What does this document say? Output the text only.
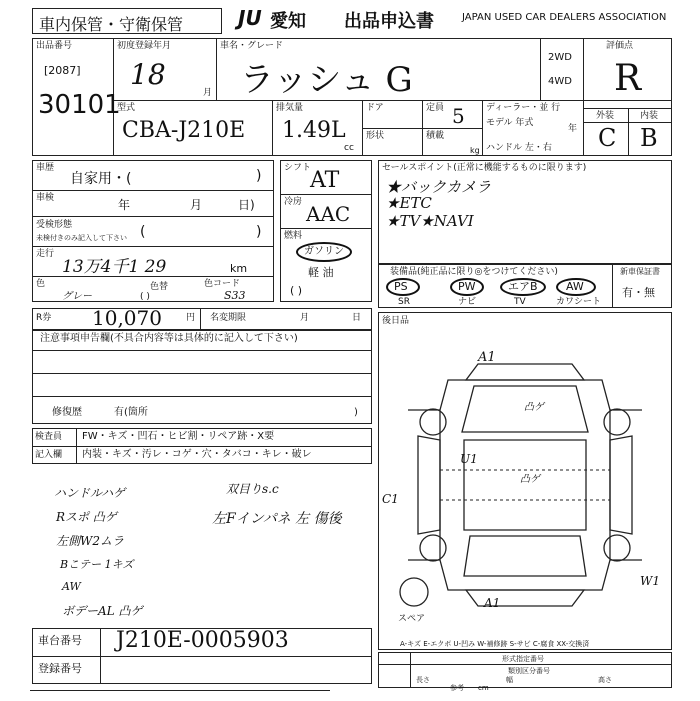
車内保管・守衛保管	JU 愛知 出品申込書	JAPAN USED CAR DEALERS ASSOCIATION
出品番号
[2087]
30101
初度登録年月
18
月
車名・グレード
ラッシュ G
2WD
4WD
評価点
R
外装	内装
C B
型式
CBA-J210E
排気量
1.49L
cc
ドア	定員 5
形状	積載
kg
ディーラー・並 行
モデル 年式
年
ハンドル 左・右
車歴
自家用・(	)
車検	年	月	日)
受検形態
未検付きのみ記入して下さい (	)
走行
13万4千1 29	km
色
グレー
色替
( )
色コード
S33
シフト
AT
冷房 AAC
燃料
ガソリン
軽 油
( )
セールスポイント(正常に機能するものに限ります)
★バックカメラ
★ETC
★TV★NAVI
装備品(純正品に限り◎をつけてください)
PS	PW	エアB	AW
SR	ナビ	TV	カワシート
新車保証書
有・無
R券 10,070	円 名変期限	月	日
注意事項申告欄(不具合内容等は具体的に記入して下さい)
修復歴	有(箇所	)
検査員 FW・キズ・凹石・ヒビ割・リペア跡・X要
記入欄 内装・キズ・汚レ・コゲ・穴・タバコ・キレ・破レ
ハンドルハゲ
Rスポ 凸ゲ
左側W2ムラ
Bこテー 1キズ
AW
ボデーAL 凸ゲ
双目りs.c
左Fインパネ 左 傷後
後日品
A1
凸ゲ
U1
凸ゲ
C1
W1
A1
スペア
A-キズ E-エクボ U-凹み W-補修跡 S-サビ C-腐食 XX-交換済
車台番号 J210E-0005903
登録番号
形式指定番号
類別区分番号
長さ	幅	高さ
参考 cm
